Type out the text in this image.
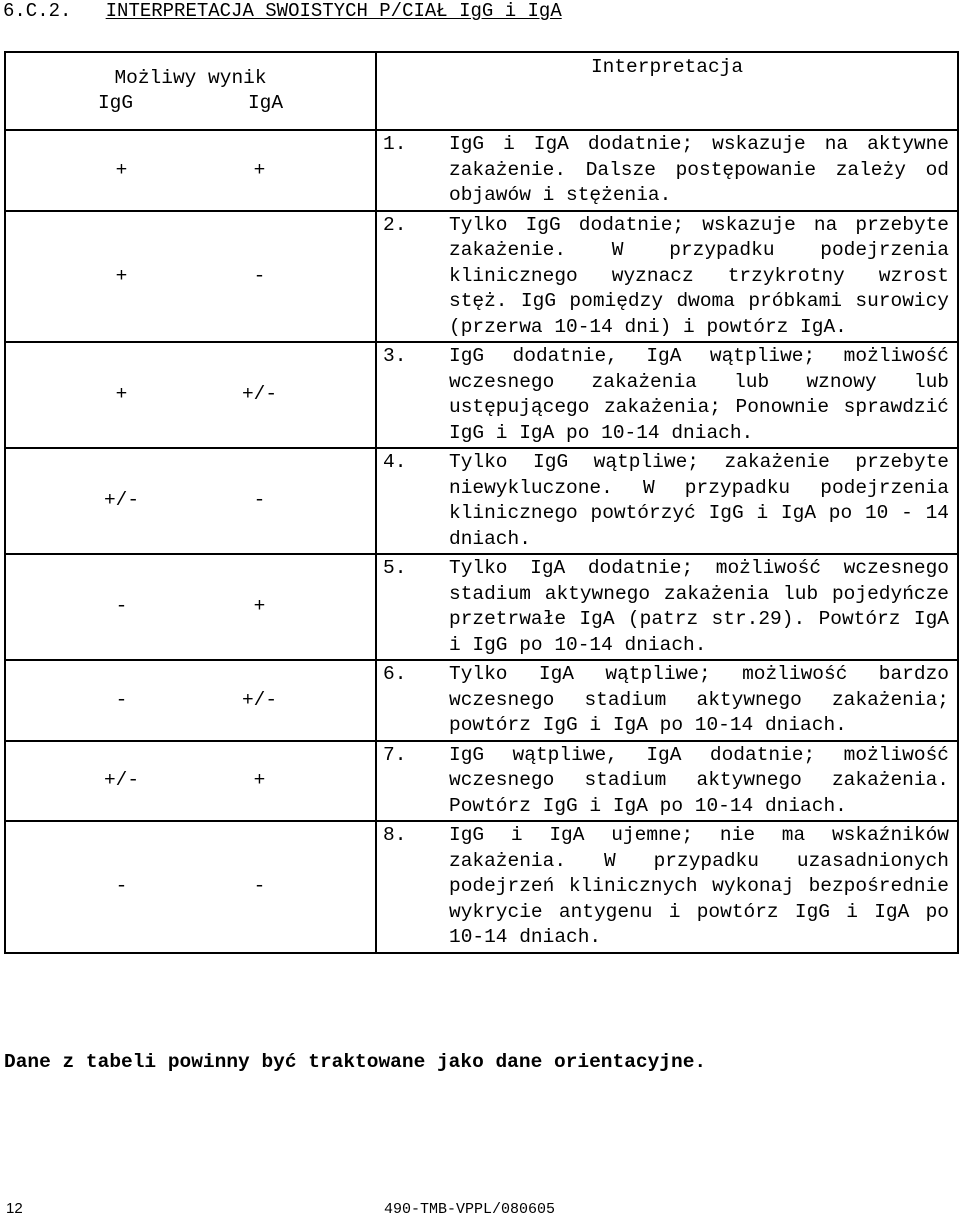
6.C.2. INTERPRETACJA SWOISTYCH P/CIAŁ IgG i IgA
Możliwy wynik
IgG IgA	Interpretacja

+ +	1. IgG i IgA dodatnie; wskazuje na aktywne zakażenie. Dalsze postępowanie zależy od objawów i stężenia.

+ -	2. Tylko IgG dodatnie; wskazuje na przebyte zakażenie. W przypadku podejrzenia klinicznego wyznacz trzykrotny wzrost stęż. IgG pomiędzy dwoma próbkami surowicy (przerwa 10-14 dni) i powtórz IgA.

+ +/-	3. IgG dodatnie, IgA wątpliwe; możliwość wczesnego zakażenia lub wznowy lub ustępującego zakażenia; Ponownie sprawdzić IgG i IgA po 10-14 dniach.

+/- -	4. Tylko IgG wątpliwe; zakażenie przebyte niewykluczone. W przypadku podejrzenia klinicznego powtórzyć IgG i IgA po 10 - 14 dniach.

- +	5. Tylko IgA dodatnie; możliwość wczesnego stadium aktywnego zakażenia lub pojedyńcze przetrwałe IgA (patrz str.29). Powtórz IgA i IgG po 10-14 dniach.

- +/-	6. Tylko IgA wątpliwe; możliwość bardzo wczesnego stadium aktywnego zakażenia; powtórz IgG i IgA po 10-14 dniach.

+/- +	7. IgG wątpliwe, IgA dodatnie; możliwość wczesnego stadium aktywnego zakażenia. Powtórz IgG i IgA po 10-14 dniach.

- -	8. IgG i IgA ujemne; nie ma wskaźników zakażenia. W przypadku uzasadnionych podejrzeń klinicznych wykonaj bezpośrednie wykrycie antygenu i powtórz IgG i IgA po 10-14 dniach.
Dane z tabeli powinny być traktowane jako dane orientacyjne.
12	490-TMB-VPPL/080605
